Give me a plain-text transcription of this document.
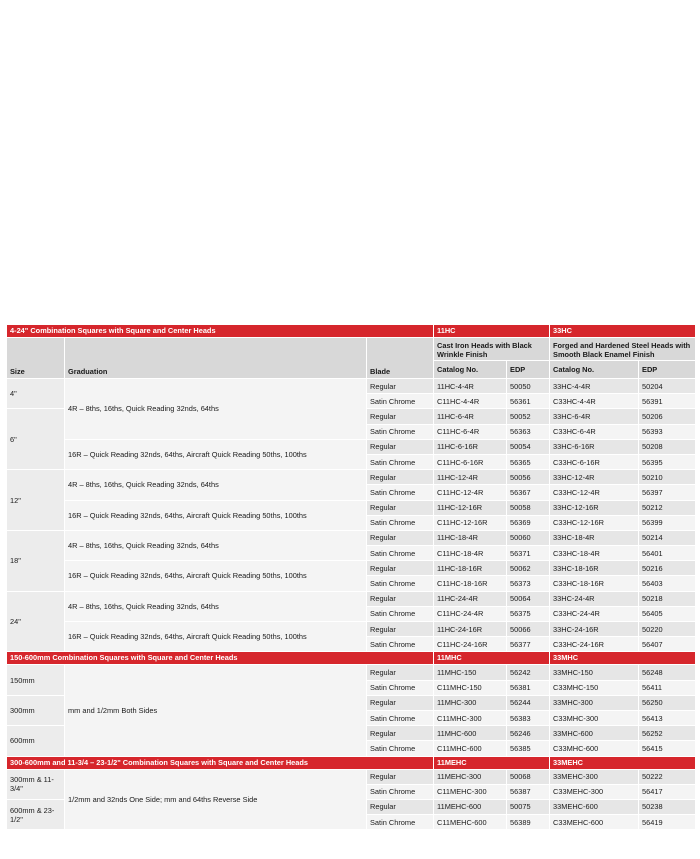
4-24" Combination Squares with Square and Center Heads			11HC		33HC	
Size	Graduation	Blade	Cast Iron Heads with Black Wrinkle Finish		Forged and Hardened Steel Heads with Smooth Black Enamel Finish	

			Catalog No.	EDP	Catalog No.	EDP

4"	4R – 8ths, 16ths, Quick Reading 32nds, 64ths	Regular	11HC-4-4R	50050	33HC-4-4R	50204
		Satin Chrome	C11HC-4-4R	56361	C33HC-4-4R	56391

6"		Regular	11HC-6-4R	50052	33HC-6-4R	50206
		Satin Chrome	C11HC-6-4R	56363	C33HC-6-4R	56393
	16R – Quick Reading 32nds, 64ths, Aircraft Quick Reading 50ths, 100ths	Regular	11HC-6-16R	50054	33HC-6-16R	50208
		Satin Chrome	C11HC-6-16R	56365	C33HC-6-16R	56395

12"	4R – 8ths, 16ths, Quick Reading 32nds, 64ths	Regular	11HC-12-4R	50056	33HC-12-4R	50210
		Satin Chrome	C11HC-12-4R	56367	C33HC-12-4R	56397
	16R – Quick Reading 32nds, 64ths, Aircraft Quick Reading 50ths, 100ths	Regular	11HC-12-16R	50058	33HC-12-16R	50212
		Satin Chrome	C11HC-12-16R	56369	C33HC-12-16R	56399

18"	4R – 8ths, 16ths, Quick Reading 32nds, 64ths	Regular	11HC-18-4R	50060	33HC-18-4R	50214
		Satin Chrome	C11HC-18-4R	56371	C33HC-18-4R	56401
	16R – Quick Reading 32nds, 64ths, Aircraft Quick Reading 50ths, 100ths	Regular	11HC-18-16R	50062	33HC-18-16R	50216
		Satin Chrome	C11HC-18-16R	56373	C33HC-18-16R	56403

24"	4R – 8ths, 16ths, Quick Reading 32nds, 64ths	Regular	11HC-24-4R	50064	33HC-24-4R	50218
		Satin Chrome	C11HC-24-4R	56375	C33HC-24-4R	56405
	16R – Quick Reading 32nds, 64ths, Aircraft Quick Reading 50ths, 100ths	Regular	11HC-24-16R	50066	33HC-24-16R	50220
		Satin Chrome	C11HC-24-16R	56377	C33HC-24-16R	56407
150-600mm Combination Squares with Square and Center Heads			11MHC		33MHC	

150mm	mm and 1/2mm Both Sides	Regular	11MHC-150	56242	33MHC-150	56248
		Satin Chrome	C11MHC-150	56381	C33MHC-150	56411

300mm		Regular	11MHC-300	56244	33MHC-300	56250
		Satin Chrome	C11MHC-300	56383	C33MHC-300	56413

600mm		Regular	11MHC-600	56246	33MHC-600	56252
		Satin Chrome	C11MHC-600	56385	C33MHC-600	56415
300-600mm and 11-3/4 – 23-1/2" Combination Squares with Square and Center Heads			11MEHC		33MEHC	

300mm & 11-3/4"	1/2mm and 32nds One Side; mm and 64ths Reverse Side	Regular	11MEHC-300	50068	33MEHC-300	50222
		Satin Chrome	C11MEHC-300	56387	C33MEHC-300	56417

600mm & 23-1/2"		Regular	11MEHC-600	50075	33MEHC-600	50238
		Satin Chrome	C11MEHC-600	56389	C33MEHC-600	56419
